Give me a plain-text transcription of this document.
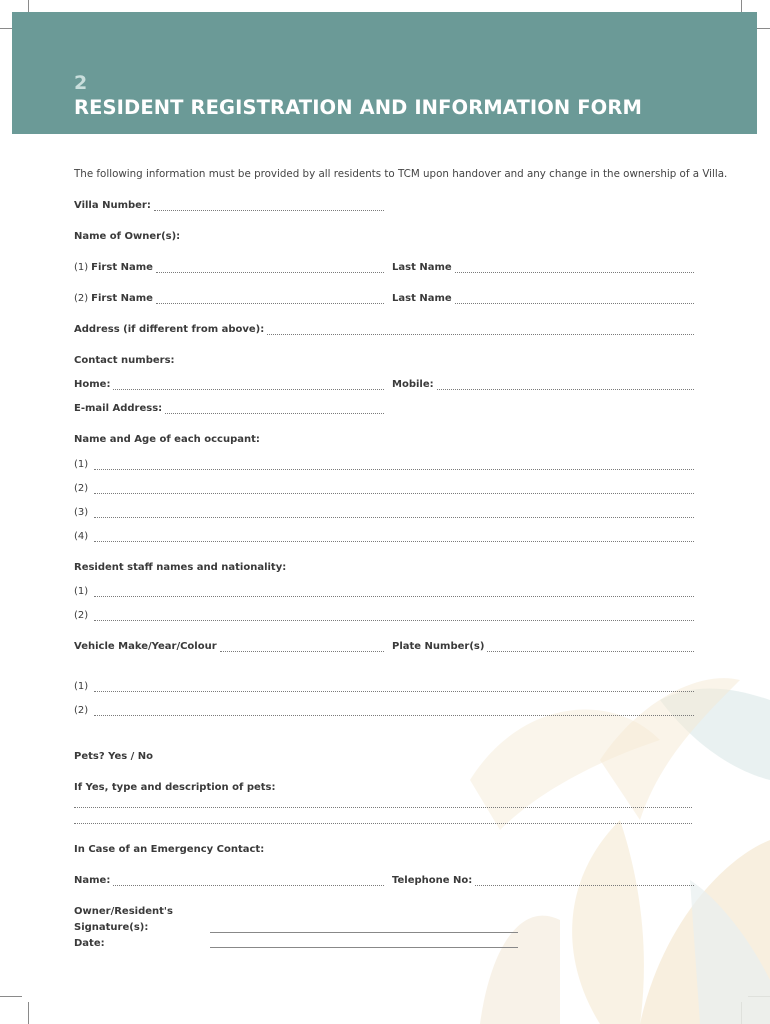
2
RESIDENT REGISTRATION AND INFORMATION FORM
The following information must be provided by all residents to TCM upon handover and any change in the ownership of a Villa.
Villa Number:
Name of Owner(s):
(1) First Name	Last Name
(2) First Name	Last Name
Address (if different from above):
Contact numbers:
Home:	Mobile:
E-mail Address:
Name and Age of each occupant:
(1)
(2)
(3)
(4)
Resident staff names and nationality:
(1)
(2)
Vehicle Make/Year/Colour	Plate Number(s)
(1)
(2)
Pets? Yes / No
If Yes, type and description of pets:
In Case of an Emergency Contact:
Name:	Telephone No:
Owner/Resident's
Signature(s):
Date:
